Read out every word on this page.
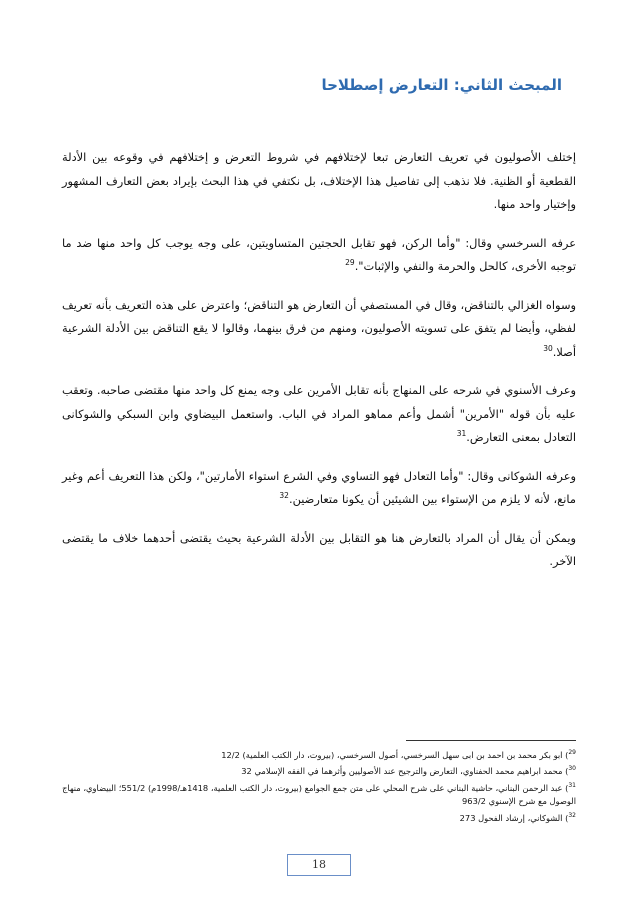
المبحث الثاني: التعارض إصطلاحا

إختلف الأصوليون في تعريف التعارض تبعا لإختلافهم في شروط التعرض و إختلافهم في وقوعه بين الأدلة القطعية أو الظنية. فلا نذهب إلى تفاصيل هذا الإختلاف، بل نكتفي في هذا البحث بإيراد بعض التعارف المشهور وإختيار واحد منها.

عرفه السرخسي وقال: "وأما الركن، فهو تقابل الحجتين المتساويتين، على وجه يوجب كل واحد منها ضد ما توجبه الأخرى، كالحل والحرمة والنفي والإثبات".$^{29}$

وسواه الغزالي بالتناقض، وقال في المستصفي أن التعارض هو التناقض؛ واعترض على هذه التعريف بأنه تعريف لفظي، وأيضا لم يتفق على تسويته الأصوليون، ومنهم من فرق بينهما، وقالوا لا يقع التناقض بين الأدلة الشرعية أصلا.$^{30}$

وعرف الأسنوي في شرحه على المنهاج بأنه تقابل الأمرين على وجه يمنع كل واحد منها مقتضى صاحبه. وتعقب عليه بأن قوله "الأمرين" أشمل وأعم مماهو المراد في الباب. واستعمل البيضاوي وابن السبكي والشوكانى التعادل بمعنى التعارض.$^{31}$

وعرفه الشوكانى وقال: "وأما التعادل فهو التساوي وفي الشرع استواء الأمارتين"، ولكن هذا التعريف أعم وغير مانع، لأنه لا يلزم من الإستواء بين الشيئين أن يكونا متعارضين.$^{32}$

ويمكن أن يقال أن المراد بالتعارض هنا هو التقابل بين الأدلة الشرعية بحيث يقتضى أحدهما خلاف ما يقتضى الآخر.

$^{29}$) ابو بكر محمد بن احمد بن ابى سهل السرخسي، أصول السرخسي، (بيروت، دار الكتب العلمية) 12/2

$^{30}$) محمد ابراهيم محمد الحفناوي، التعارض والترجيح عند الأصوليين وأثرهما في الفقه الإسلامي 32

$^{31}$) عبد الرحمن البناني، حاشية البناني على شرح المحلي على متن جمع الجوامع (بيروت، دار الكتب العلمية، 1418هـ/1998م) 551/2؛ البيضاوي، منهاج الوصول مع شرح الإسنوي 963/2

$^{32}$) الشوكاني، إرشاد الفحول 273

18
